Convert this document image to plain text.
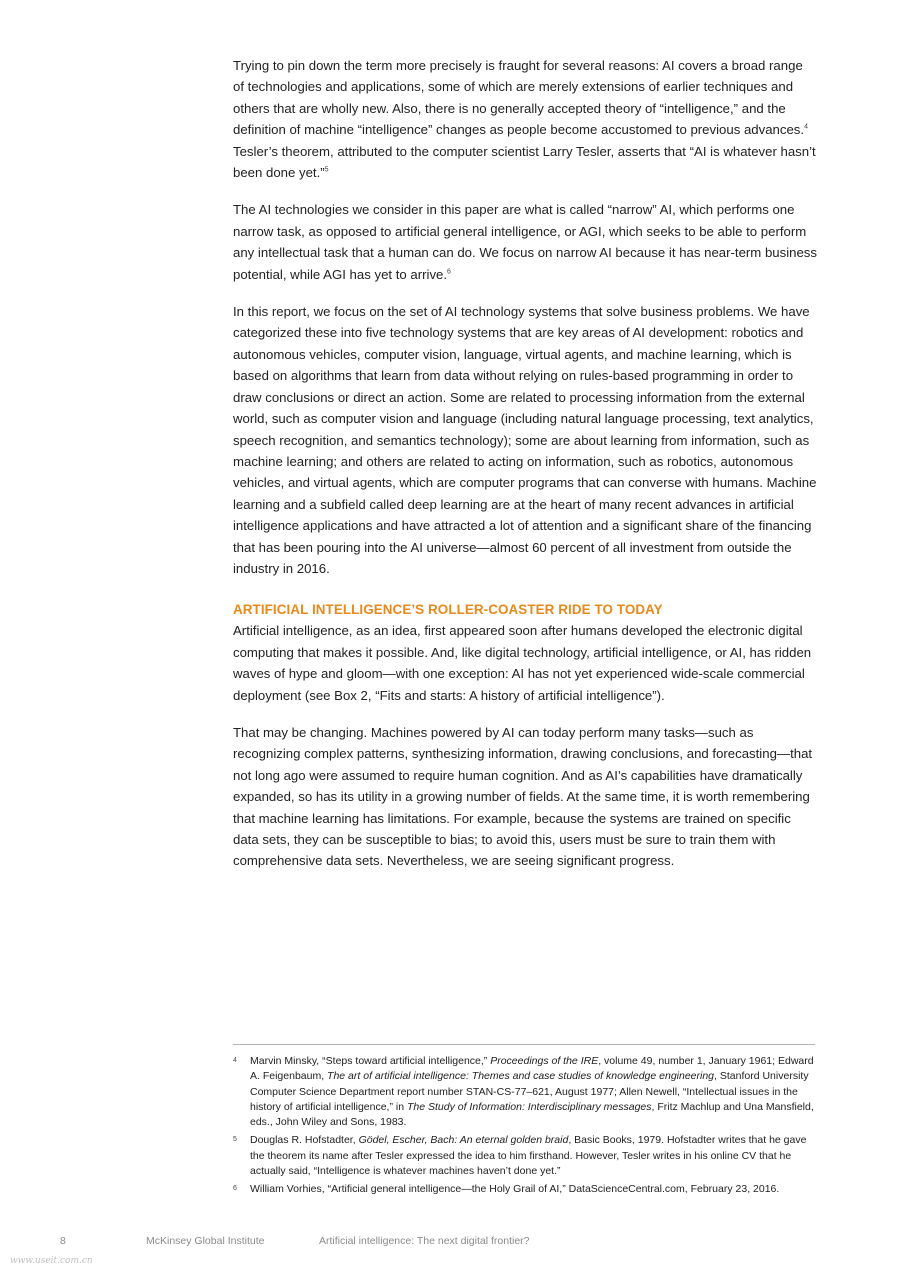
Trying to pin down the term more precisely is fraught for several reasons: AI covers a broad range of technologies and applications, some of which are merely extensions of earlier techniques and others that are wholly new. Also, there is no generally accepted theory of “intelligence,” and the definition of machine “intelligence” changes as people become accustomed to previous advances.$^4$ Tesler’s theorem, attributed to the computer scientist Larry Tesler, asserts that “AI is whatever hasn’t been done yet.”$^5$

The AI technologies we consider in this paper are what is called “narrow” AI, which performs one narrow task, as opposed to artificial general intelligence, or AGI, which seeks to be able to perform any intellectual task that a human can do. We focus on narrow AI because it has near-term business potential, while AGI has yet to arrive.$^6$

In this report, we focus on the set of AI technology systems that solve business problems. We have categorized these into five technology systems that are key areas of AI development: robotics and autonomous vehicles, computer vision, language, virtual agents, and machine learning, which is based on algorithms that learn from data without relying on rules-based programming in order to draw conclusions or direct an action. Some are related to processing information from the external world, such as computer vision and language (including natural language processing, text analytics, speech recognition, and semantics technology); some are about learning from information, such as machine learning; and others are related to acting on information, such as robotics, autonomous vehicles, and virtual agents, which are computer programs that can converse with humans. Machine learning and a subfield called deep learning are at the heart of many recent advances in artificial intelligence applications and have attracted a lot of attention and a significant share of the financing that has been pouring into the AI universe—almost 60 percent of all investment from outside the industry in 2016.

ARTIFICIAL INTELLIGENCE’S ROLLER-COASTER RIDE TO TODAY

Artificial intelligence, as an idea, first appeared soon after humans developed the electronic digital computing that makes it possible. And, like digital technology, artificial intelligence, or AI, has ridden waves of hype and gloom—with one exception: AI has not yet experienced wide-scale commercial deployment (see Box 2, “Fits and starts: A history of artificial intelligence”).

That may be changing. Machines powered by AI can today perform many tasks—such as recognizing complex patterns, synthesizing information, drawing conclusions, and forecasting—that not long ago were assumed to require human cognition. And as AI’s capabilities have dramatically expanded, so has its utility in a growing number of fields. At the same time, it is worth remembering that machine learning has limitations. For example, because the systems are trained on specific data sets, they can be susceptible to bias; to avoid this, users must be sure to train them with comprehensive data sets. Nevertheless, we are seeing significant progress.

4 Marvin Minsky, “Steps toward artificial intelligence,” Proceedings of the IRE, volume 49, number 1, January 1961; Edward A. Feigenbaum, The art of artificial intelligence: Themes and case studies of knowledge engineering, Stanford University Computer Science Department report number STAN-CS-77–621, August 1977; Allen Newell, “Intellectual issues in the history of artificial intelligence,” in The Study of Information: Interdisciplinary messages, Fritz Machlup and Una Mansfield, eds., John Wiley and Sons, 1983.
5 Douglas R. Hofstadter, Gödel, Escher, Bach: An eternal golden braid, Basic Books, 1979. Hofstadter writes that he gave the theorem its name after Tesler expressed the idea to him firsthand. However, Tesler writes in his online CV that he actually said, “Intelligence is whatever machines haven’t done yet.”
6 William Vorhies, “Artificial general intelligence—the Holy Grail of AI,” DataScienceCentral.com, February 23, 2016.
8	McKinsey Global Institute	Artificial intelligence: The next digital frontier?
www.useit.com.cn
